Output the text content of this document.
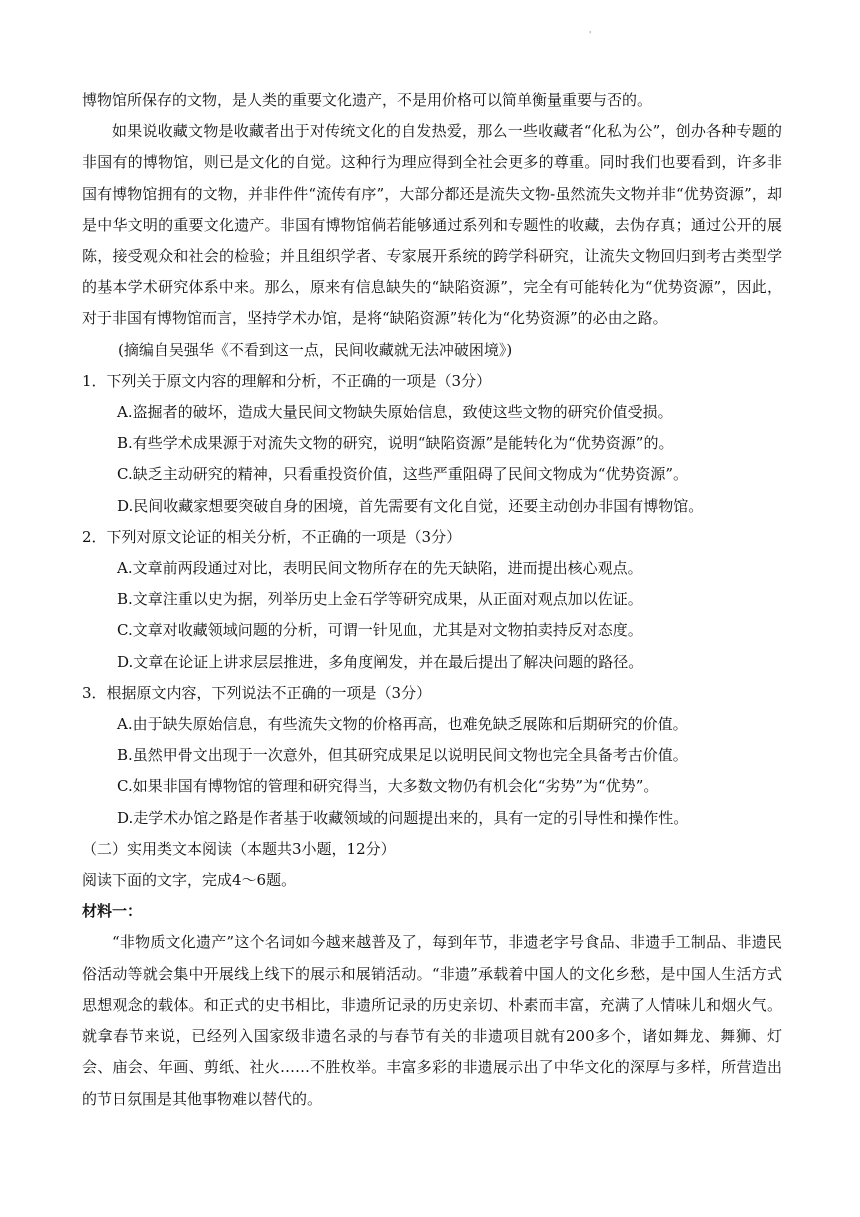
'

博物馆所保存的文物，是人类的重要文化遗产，不是用价格可以简单衡量重要与否的。

如果说收藏文物是收藏者出于对传统文化的自发热爱，那么一些收藏者“化私为公”，创办各种专题的非国有的博物馆，则已是文化的自觉。这种行为理应得到全社会更多的尊重。同时我们也要看到，许多非国有博物馆拥有的文物，并非件件“流传有序”，大部分都还是流失文物-虽然流失文物并非“优势资源”，却是中华文明的重要文化遗产。非国有博物馆倘若能够通过系列和专题性的收藏，去伪存真；通过公开的展陈，接受观众和社会的检验；并且组织学者、专家展开系统的跨学科研究，让流失文物回归到考古类型学的基本学术研究体系中来。那么，原来有信息缺失的“缺陷资源”，完全有可能转化为“优势资源”，因此，对于非国有博物馆而言，坚持学术办馆，是将“缺陷资源”转化为“化势资源”的必由之路。

(摘编自吴强华《不看到这一点，民间收藏就无法冲破困境》)

1．下列关于原文内容的理解和分析，不正确的一项是（3分）

A.盗掘者的破坏，造成大量民间文物缺失原始信息，致使这些文物的研究价值受损。

B.有些学术成果源于对流失文物的研究，说明“缺陷资源”是能转化为“优势资源”的。

C.缺乏主动研究的精神，只看重投资价值，这些严重阻碍了民间文物成为“优势资源”。

D.民间收藏家想要突破自身的困境，首先需要有文化自觉，还要主动创办非国有博物馆。

2．下列对原文论证的相关分析，不正确的一项是（3分）

A.文章前两段通过对比，表明民间文物所存在的先天缺陷，进而提出核心观点。

B.文章注重以史为据，列举历史上金石学等研究成果，从正面对观点加以佐证。

C.文章对收藏领域问题的分析，可谓一针见血，尤其是对文物拍卖持反对态度。

D.文章在论证上讲求层层推进，多角度阐发，并在最后提出了解决问题的路径。

3．根据原文内容，下列说法不正确的一项是（3分）

A.由于缺失原始信息，有些流失文物的价格再高，也难免缺乏展陈和后期研究的价值。

B.虽然甲骨文出现于一次意外，但其研究成果足以说明民间文物也完全具备考古价值。

C.如果非国有博物馆的管理和研究得当，大多数文物仍有机会化“劣势”为“优势”。

D.走学术办馆之路是作者基于收藏领域的问题提出来的，具有一定的引导性和操作性。

（二）实用类文本阅读（本题共3小题，12分）

阅读下面的文字，完成4～6题。

材料一：

“非物质文化遗产”这个名词如今越来越普及了，每到年节，非遗老字号食品、非遗手工制品、非遗民俗活动等就会集中开展线上线下的展示和展销活动。“非遗”承载着中国人的文化乡愁，是中国人生活方式思想观念的载体。和正式的史书相比，非遗所记录的历史亲切、朴素而丰富，充满了人情味儿和烟火气。就拿春节来说，已经列入国家级非遗名录的与春节有关的非遗项目就有200多个，诸如舞龙、舞狮、灯会、庙会、年画、剪纸、社火……不胜枚举。丰富多彩的非遗展示出了中华文化的深厚与多样，所营造出的节日氛围是其他事物难以替代的。
